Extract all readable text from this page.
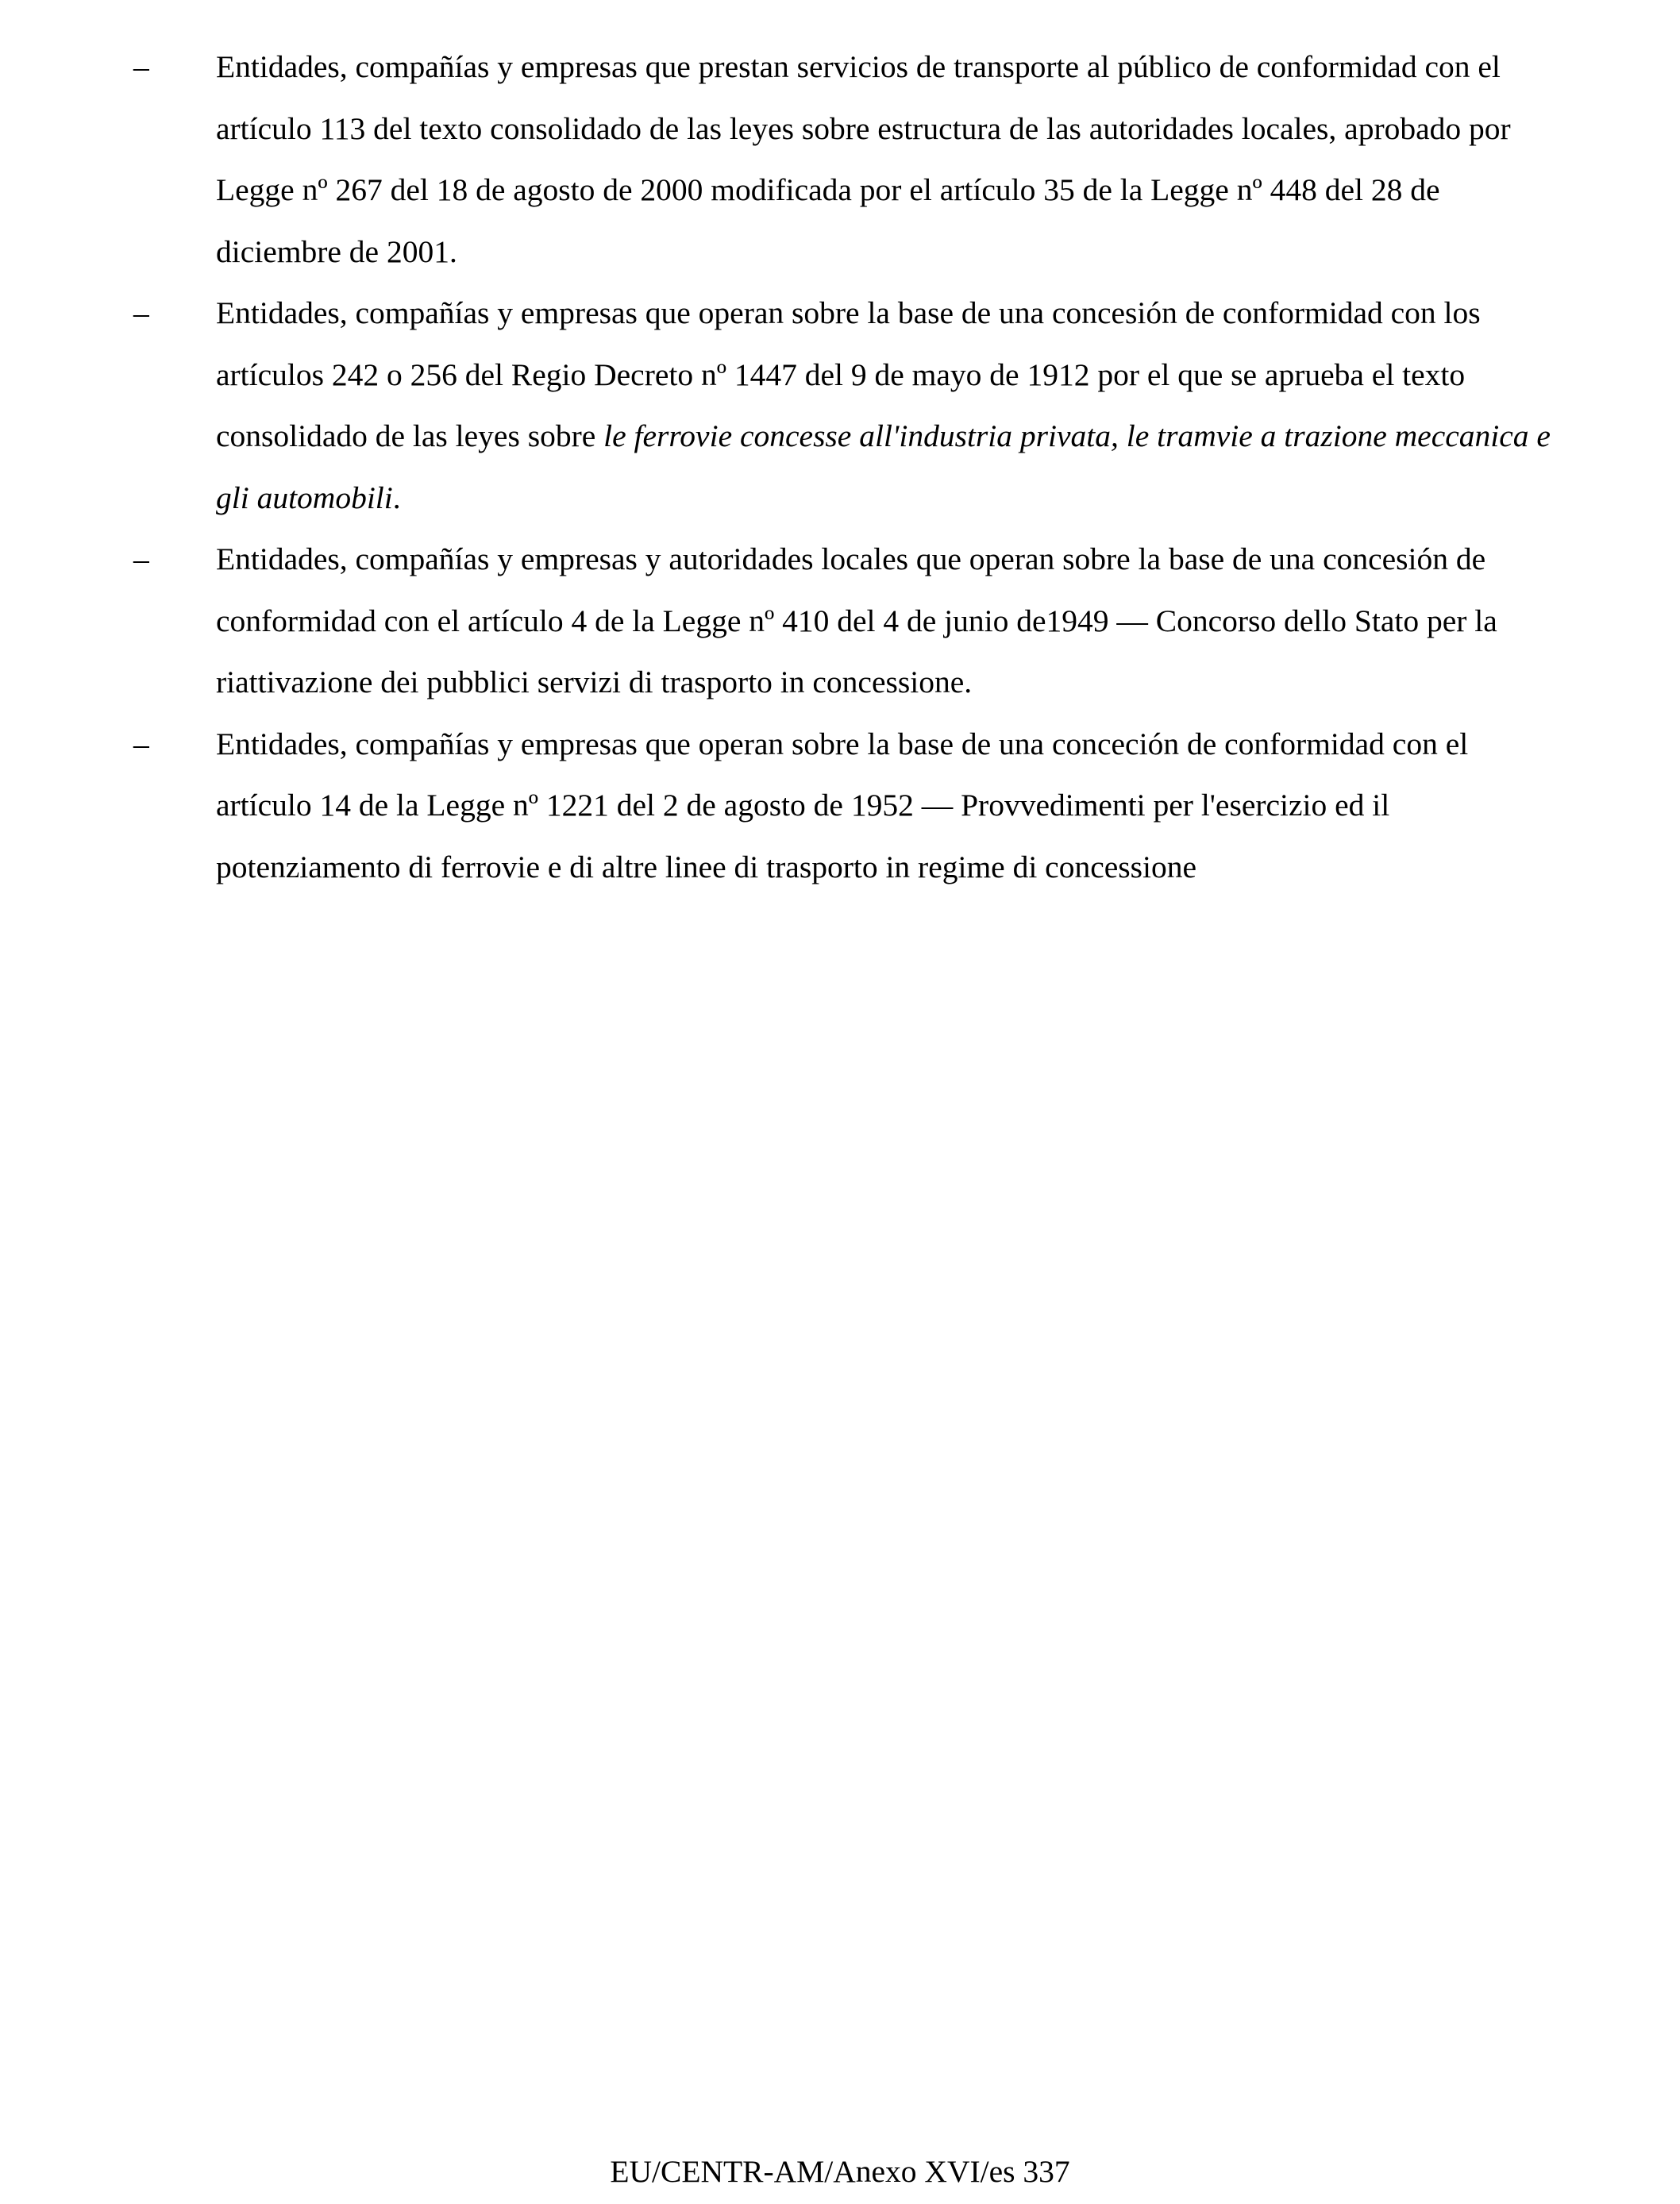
–	Entidades, compañías y empresas que prestan servicios de transporte al público de conformidad con el artículo 113 del texto consolidado de las leyes sobre estructura de las autoridades locales, aprobado por Legge nº 267 del 18 de agosto de 2000 modificada por el artículo 35 de la Legge nº 448 del 28 de diciembre de 2001.
–	Entidades, compañías y empresas que operan sobre la base de una concesión de conformidad con los artículos 242 o 256 del Regio Decreto nº 1447 del 9 de mayo de 1912 por el que se aprueba el texto consolidado de las leyes sobre le ferrovie concesse all'industria privata, le tramvie a trazione meccanica e gli automobili.
–	Entidades, compañías y empresas y autoridades locales que operan sobre la base de una concesión de conformidad con el artículo 4 de la Legge nº 410 del 4 de junio de1949 — Concorso dello Stato per la riattivazione dei pubblici servizi di trasporto in concessione.
–	Entidades, compañías y empresas que operan sobre la base de una conceción de conformidad con el artículo 14 de la Legge nº 1221 del 2 de agosto de 1952 — Provvedimenti per l'esercizio ed il potenziamento di ferrovie e di altre linee di trasporto in regime di concessione
EU/CENTR-AM/Anexo XVI/es 337
